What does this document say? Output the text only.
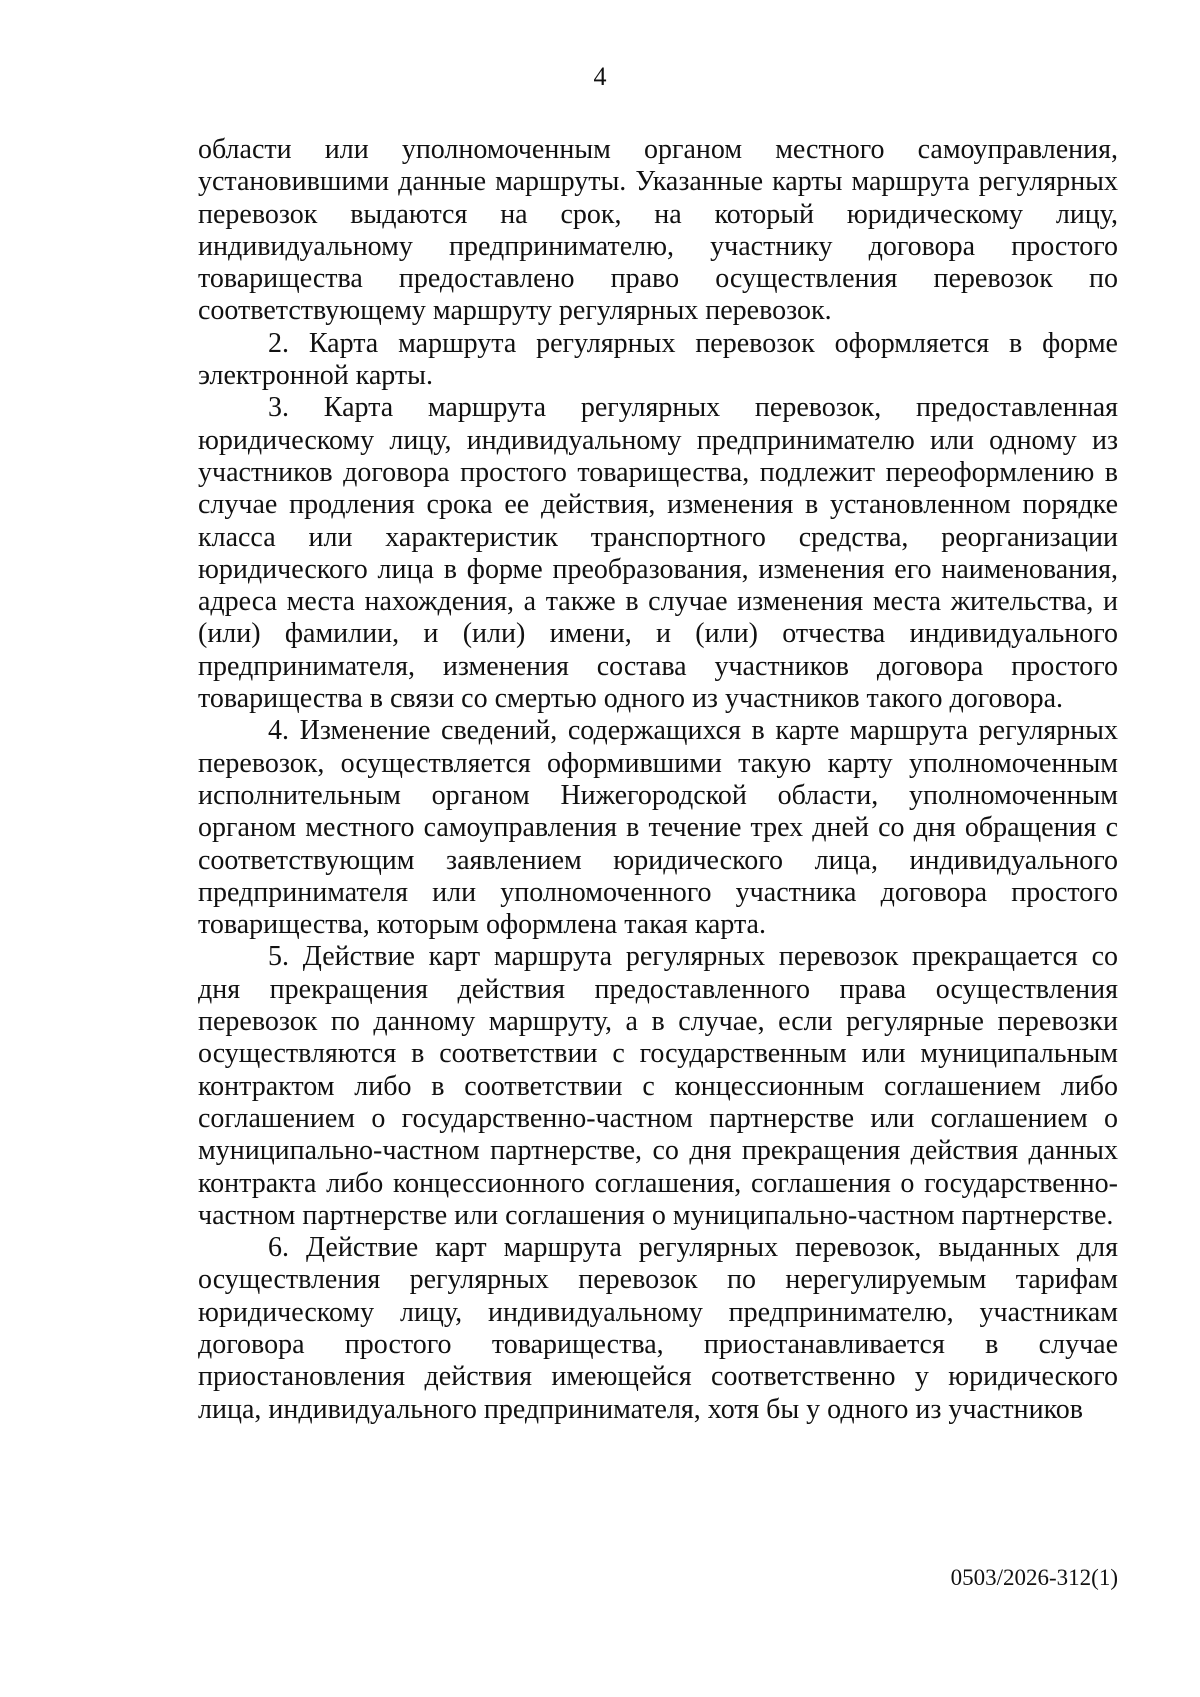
4

области или уполномоченным органом местного самоуправления, установившими данные маршруты. Указанные карты маршрута регулярных перевозок выдаются на срок, на который юридическому лицу, индивидуальному предпринимателю, участнику договора простого товарищества предоставлено право осуществления перевозок по соответствующему маршруту регулярных перевозок.

2. Карта маршрута регулярных перевозок оформляется в форме электронной карты.

3. Карта маршрута регулярных перевозок, предоставленная юридическому лицу, индивидуальному предпринимателю или одному из участников договора простого товарищества, подлежит переоформлению в случае продления срока ее действия, изменения в установленном порядке класса или характеристик транспортного средства, реорганизации юридического лица в форме преобразования, изменения его наименования, адреса места нахождения, а также в случае изменения места жительства, и (или) фамилии, и (или) имени, и (или) отчества индивидуального предпринимателя, изменения состава участников договора простого товарищества в связи со смертью одного из участников такого договора.

4. Изменение сведений, содержащихся в карте маршрута регулярных перевозок, осуществляется оформившими такую карту уполномоченным исполнительным органом Нижегородской области, уполномоченным органом местного самоуправления в течение трех дней со дня обращения с соответствующим заявлением юридического лица, индивидуального предпринимателя или уполномоченного участника договора простого товарищества, которым оформлена такая карта.

5. Действие карт маршрута регулярных перевозок прекращается со дня прекращения действия предоставленного права осуществления перевозок по данному маршруту, а в случае, если регулярные перевозки осуществляются в соответствии с государственным или муниципальным контрактом либо в соответствии с концессионным соглашением либо соглашением о государственно-частном партнерстве или соглашением о муниципально-частном партнерстве, со дня прекращения действия данных контракта либо концессионного соглашения, соглашения о государственно-частном партнерстве или соглашения о муниципально-частном партнерстве.

6. Действие карт маршрута регулярных перевозок, выданных для осуществления регулярных перевозок по нерегулируемым тарифам юридическому лицу, индивидуальному предпринимателю, участникам договора простого товарищества, приостанавливается в случае приостановления действия имеющейся соответственно у юридического лица, индивидуального предпринимателя, хотя бы у одного из участников

0503/2026-312(1)
